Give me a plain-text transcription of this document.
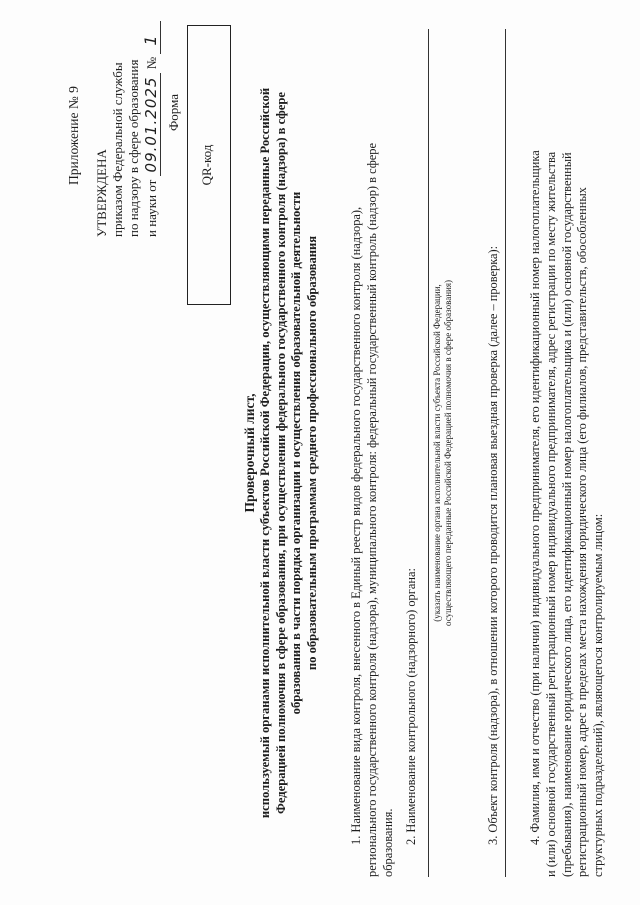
Приложение № 9
УТВЕРЖДЕНА приказом Федеральной службы по надзору в сфере образования и науки от 09.01.2025 № 1
Форма
QR-код
Проверочный лист, используемый органами исполнительной власти субъектов Российской Федерации, осуществляющими переданные Российской Федерацией полномочия в сфере образования, при осуществлении федерального государственного контроля (надзора) в сфере образования в части порядка организации и осуществления образовательной деятельности по образовательным программам среднего профессионального образования 1. Наименование вида контроля, внесенного в Единый реестр видов федерального государственного контроля (надзора), регионального государственного контроля (надзора), муниципального контроля: федеральный государственный контроль (надзор) в сфере образования. 2. Наименование контрольного (надзорного) органа:
(указать наименование органа исполнительной власти субъекта Российской Федерации, осуществляющего переданные Российской Федерацией полномочия в сфере образования)	3. Объект контроля (надзора), в отношении которого проводится плановая выездная проверка (далее – проверка): 4. Фамилия, имя и отчество (при наличии) индивидуального предпринимателя, его идентификационный номер налогоплательщика и (или) основной государственный регистрационный номер индивидуального предпринимателя, адрес регистрации по месту жительства (пребывания), наименование юридического лица, его идентификационный номер налогоплательщика и (или) основной государственный регистрационный номер, адрес в пределах места нахождения юридического лица (его филиалов, представительств, обособленных структурных подразделений), являющегося контролируемым лицом:
